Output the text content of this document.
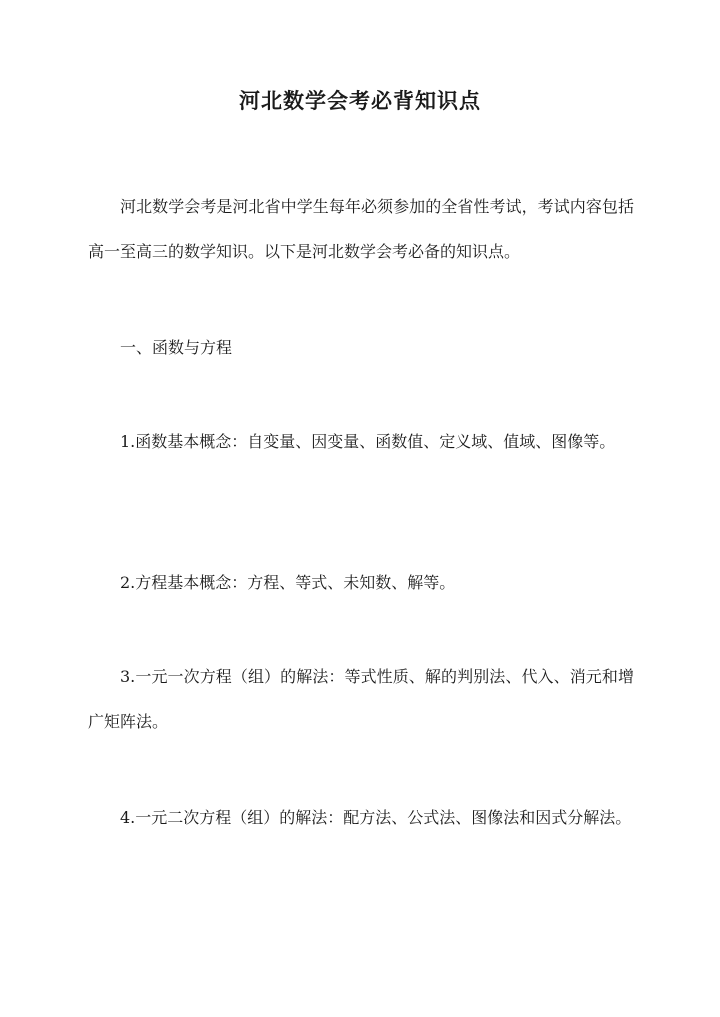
河北数学会考必背知识点

河北数学会考是河北省中学生每年必须参加的全省性考试，考试内容包括高一至高三的数学知识。以下是河北数学会考必备的知识点。

一、函数与方程

1.函数基本概念：自变量、因变量、函数值、定义域、值域、图像等。

2.方程基本概念：方程、等式、未知数、解等。

3.一元一次方程（组）的解法：等式性质、解的判别法、代入、消元和增广矩阵法。

4.一元二次方程（组）的解法：配方法、公式法、图像法和因式分解法。
